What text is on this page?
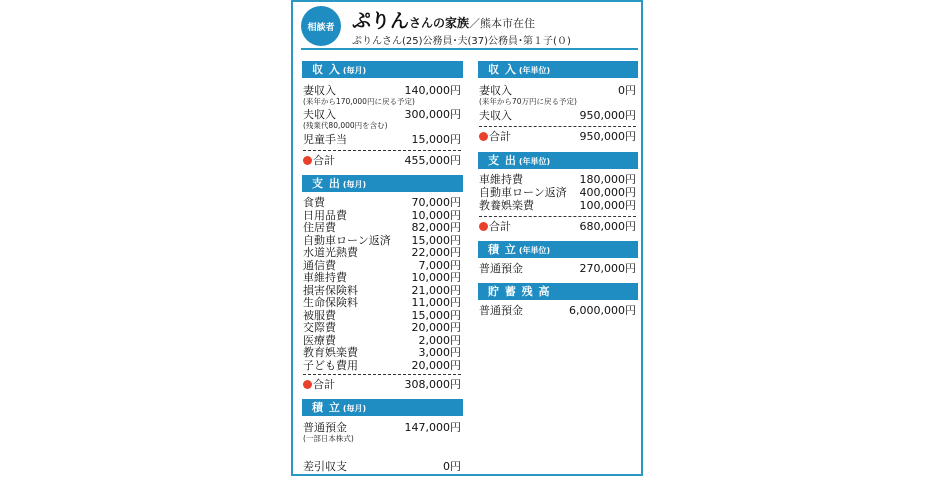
相談者 ぷりんさんの家族／熊本市在住
ぷりんさん(25)公務員･夫(37)公務員･第１子(０)
収 入 (毎月)
妻収入	140,000円
(来年から170,000円に戻る予定)
夫収入	300,000円
(残業代80,000円を含む)
児童手当	15,000円
合計	455,000円
支 出 (毎月)
食費	70,000円
日用品費	10,000円
住居費	82,000円
自動車ローン返済 15,000円
水道光熱費	22,000円
通信費	7,000円
車維持費	10,000円
損害保険料	21,000円
生命保険料	11,000円
被服費	15,000円
交際費	20,000円
医療費	2,000円
教育娯楽費	3,000円
子ども費用	20,000円
合計	308,000円
積 立 (毎月)
普通預金	147,000円
(一部日本株式)
差引収支	0円
収 入 (年単位)
妻収入	0円
(来年から70万円に戻る予定)
夫収入	950,000円
合計	950,000円
支 出 (年単位)
車維持費	180,000円
自動車ローン返済 400,000円
教養娯楽費	100,000円
合計	680,000円
積 立 (年単位)
普通預金	270,000円
貯 蓄 残 高
普通預金	6,000,000円
